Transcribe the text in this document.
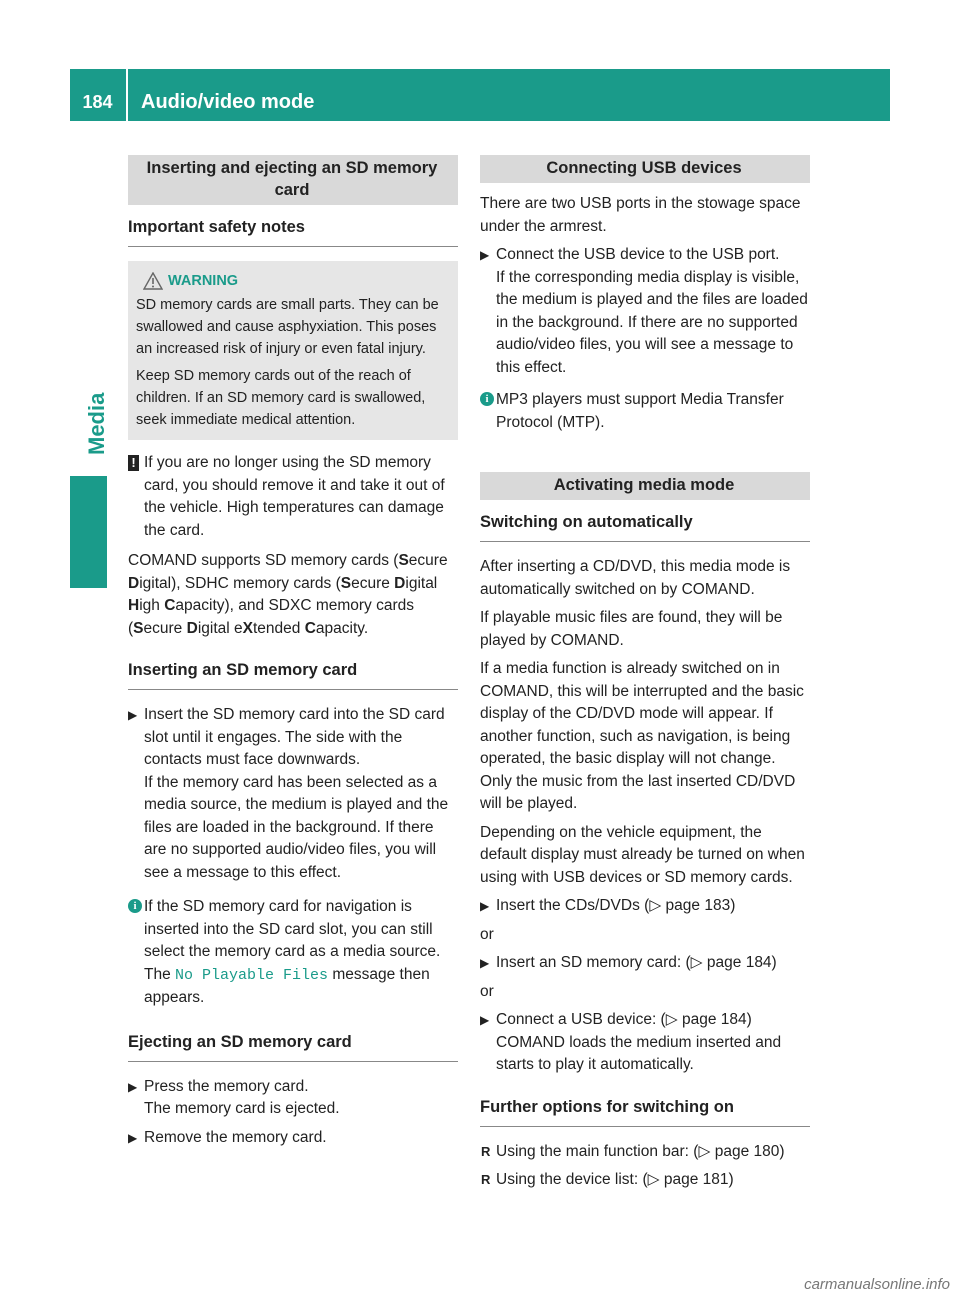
184	Audio/video mode
Media
Inserting and ejecting an SD memory card
Important safety notes
WARNING

SD memory cards are small parts. They can be swallowed and cause asphyxiation. This poses an increased risk of injury or even fatal injury.

Keep SD memory cards out of the reach of children. If an SD memory card is swallowed, seek immediate medical attention.

! If you are no longer using the SD memory card, you should remove it and take it out of the vehicle. High temperatures can damage the card.

COMAND supports SD memory cards (Secure Digital), SDHC memory cards (Secure Digital High Capacity), and SDXC memory cards (Secure Digital eXtended Capacity.

Inserting an SD memory card
▶ Insert the SD memory card into the SD card slot until it engages. The side with the contacts must face downwards.
If the memory card has been selected as a media source, the medium is played and the files are loaded in the background. If there are no supported audio/video files, you will see a message to this effect.
i If the SD memory card for navigation is inserted into the SD card slot, you can still select the memory card as a media source. The No Playable Files message then appears.
Ejecting an SD memory card
▶ Press the memory card.
The memory card is ejected.
▶ Remove the memory card.
Connecting USB devices

There are two USB ports in the stowage space under the armrest.

▶ Connect the USB device to the USB port.
If the corresponding media display is visible, the medium is played and the files are loaded in the background. If there are no supported audio/video files, you will see a message to this effect.
i MP3 players must support Media Transfer Protocol (MTP).
Activating media mode
Switching on automatically

After inserting a CD/DVD, this media mode is automatically switched on by COMAND.

If playable music files are found, they will be played by COMAND.

If a media function is already switched on in COMAND, this will be interrupted and the basic display of the CD/DVD mode will appear. If another function, such as navigation, is being operated, the basic display will not change. Only the music from the last inserted CD/DVD will be played.

Depending on the vehicle equipment, the default display must already be turned on when using with USB devices or SD memory cards.

▶ Insert the CDs/DVDs (▷ page 183)

or

▶ Insert an SD memory card: (▷ page 184)

or

▶ Connect a USB device: (▷ page 184)
COMAND loads the medium inserted and starts to play it automatically.
Further options for switching on
R Using the main function bar: (▷ page 180)
R Using the device list: (▷ page 181)
carmanualsonline.info
